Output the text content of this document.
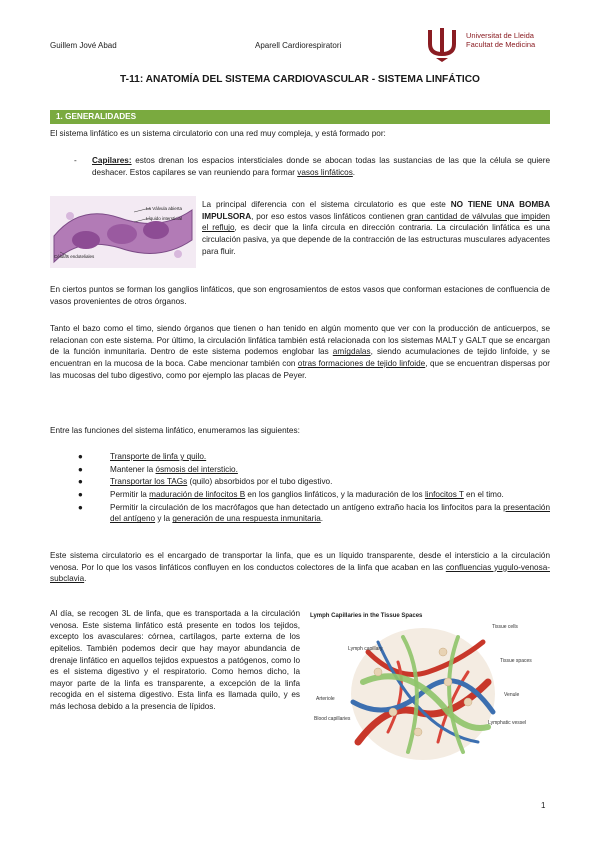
Guillem Jové Abad	Aparell Cardiorespiratori
Universitat de Lleida
Facultat de Medicina
T-11: ANATOMÍA DEL SISTEMA CARDIOVASCULAR - SISTEMA LINFÁTICO
1. GENERALIDADES
El sistema linfático es un sistema circulatorio con una red muy compleja, y está formado por:
- Capilares: estos drenan los espacios intersticiales donde se abocan todas las sustancias de las que la célula se quiere deshacer. Estos capilares se van reuniendo para formar vasos linfáticos.
La Válvula abierta
Líquido intersticial
Células endoteliales
La principal diferencia con el sistema circulatorio es que este NO TIENE UNA BOMBA IMPULSORA, por eso estos vasos linfáticos contienen gran cantidad de válvulas que impiden el reflujo, es decir que la linfa circula en dirección contraria. La circulación linfática es una circulación pasiva, ya que depende de la contracción de las estructuras musculares adyacentes para fluir.
En ciertos puntos se forman los ganglios linfáticos, que son engrosamientos de estos vasos que conforman estaciones de confluencia de vasos provenientes de otros órganos.
Tanto el bazo como el timo, siendo órganos que tienen o han tenido en algún momento que ver con la producción de anticuerpos, se relacionan con este sistema. Por último, la circulación linfática también está relacionada con los sistemas MALT y GALT que se encargan de la función inmunitaria. Dentro de este sistema podemos englobar las amígdalas, siendo acumulaciones de tejido linfoide, y se encuentran en la mucosa de la boca. Cabe mencionar también con otras formaciones de tejido linfoide, que se encuentran dispersas por las mucosas del tubo digestivo, como por ejemplo las placas de Peyer.
Entre las funciones del sistema linfático, enumeramos las siguientes:
●	Transporte de linfa y quilo.
●	Mantener la ósmosis del intersticio.
●	Transportar los TAGs (quilo) absorbidos por el tubo digestivo.
●	Permitir la maduración de linfocitos B en los ganglios linfáticos, y la maduración de los linfocitos T en el timo.
●	Permitir la circulación de los macrófagos que han detectado un antígeno extraño hacia los linfocitos para la presentación del antígeno y la generación de una respuesta inmunitaria.
Este sistema circulatorio es el encargado de transportar la linfa, que es un líquido transparente, desde el intersticio a la circulación venosa. Por lo que los vasos linfáticos confluyen en los conductos colectores de la linfa que acaban en las confluencias yugulo-venosa-subclavia.
Al día, se recogen 3L de linfa, que es transportada a la circulación venosa. Este sistema linfático está presente en todos los tejidos, excepto los avasculares: córnea, cartílagos, parte externa de los epitelios. También podemos decir que hay mayor abundancia de drenaje linfático en aquellos tejidos expuestos a patógenos, como lo es el sistema digestivo y el respiratorio. Como hemos dicho, la mayor parte de la linfa es transparente, a excepción de la linfa recogida en el sistema digestivo. Esta linfa es llamada quilo, y es más lechosa debido a la presencia de lípidos.
Lymph Capillaries in the Tissue Spaces
Lymph capillary
Tissue cells
Tissue spaces
Arteriole
Blood capillaries
Venule
Lymphatic vessel
1
